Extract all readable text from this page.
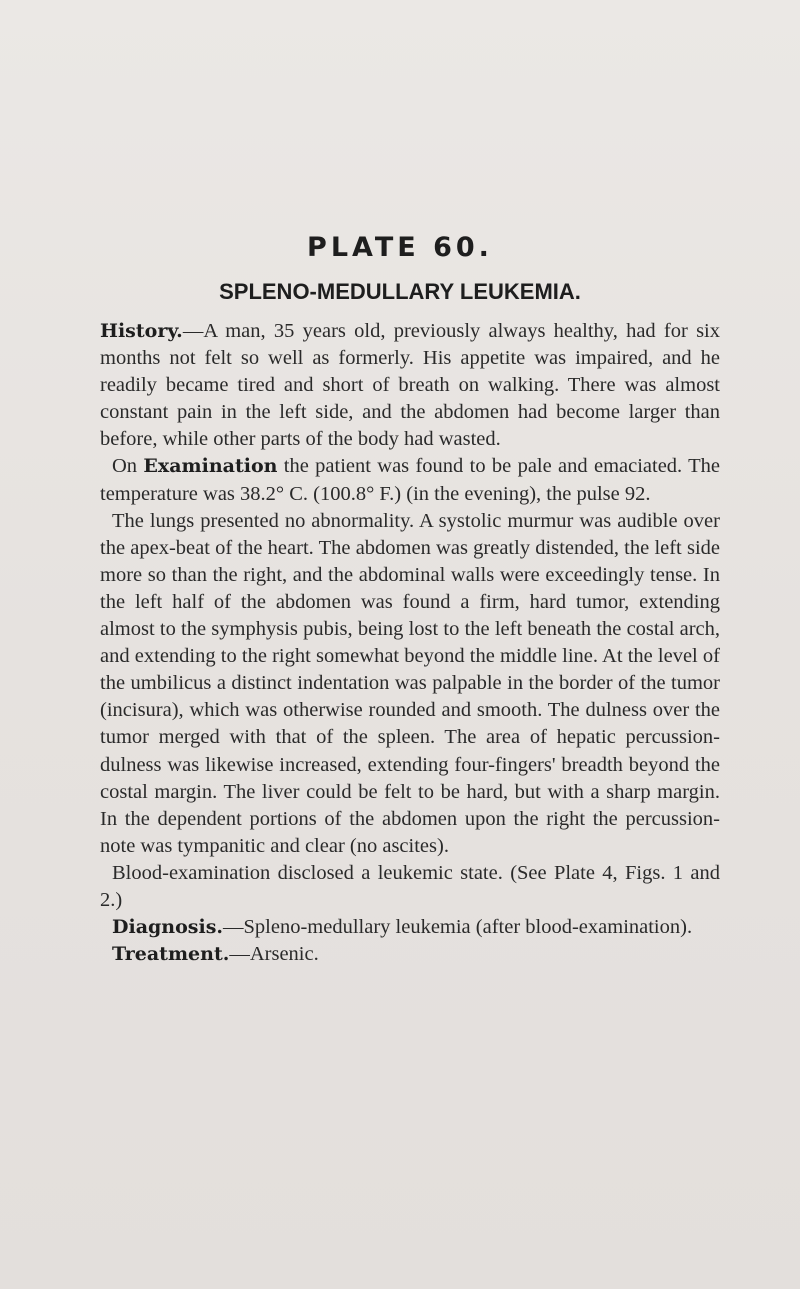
PLATE 60.
SPLENO-MEDULLARY LEUKEMIA.

History.—A man, 35 years old, previously always healthy, had for six months not felt so well as formerly. His appetite was impaired, and he readily became tired and short of breath on walking. There was almost constant pain in the left side, and the abdomen had become larger than before, while other parts of the body had wasted.

On Examination the patient was found to be pale and emaciated. The temperature was 38.2° C. (100.8° F.) (in the evening), the pulse 92.

The lungs presented no abnormality. A systolic murmur was audible over the apex-beat of the heart. The abdomen was greatly distended, the left side more so than the right, and the abdominal walls were exceedingly tense. In the left half of the abdomen was found a firm, hard tumor, extending almost to the symphysis pubis, being lost to the left beneath the costal arch, and extending to the right somewhat beyond the middle line. At the level of the umbilicus a distinct indentation was palpable in the border of the tumor (incisura), which was otherwise rounded and smooth. The dulness over the tumor merged with that of the spleen. The area of hepatic percussion-dulness was likewise increased, extending four-fingers' breadth beyond the costal margin. The liver could be felt to be hard, but with a sharp margin. In the dependent portions of the abdomen upon the right the percussion-note was tympanitic and clear (no ascites).

Blood-examination disclosed a leukemic state. (See Plate 4, Figs. 1 and 2.)

Diagnosis.—Spleno-medullary leukemia (after blood-examination).

Treatment.—Arsenic.
